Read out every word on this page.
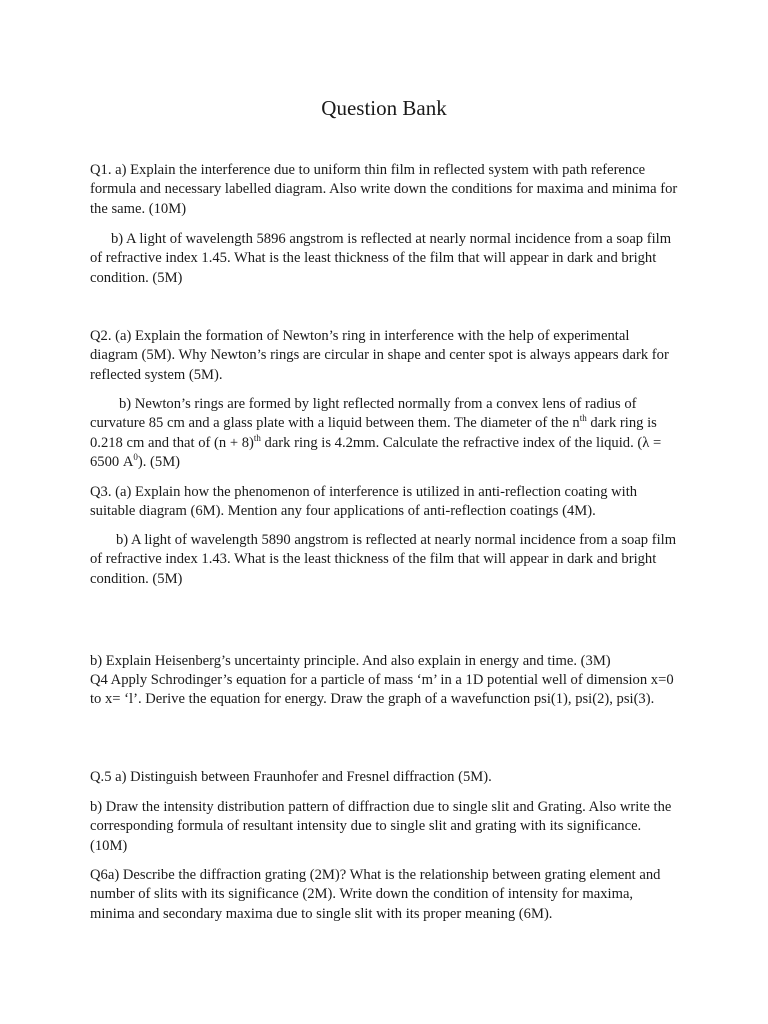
Question Bank

Q1. a) Explain the interference due to uniform thin film in reflected system with path reference formula and necessary labelled diagram. Also write down the conditions for maxima and minima for the same. (10M)

b) A light of wavelength 5896 angstrom is reflected at nearly normal incidence from a soap film of refractive index 1.45. What is the least thickness of the film that will appear in dark and bright condition. (5M)

Q2. (a) Explain the formation of Newton’s ring in interference with the help of experimental diagram (5M). Why Newton’s rings are circular in shape and center spot is always appears dark for reflected system (5M).

b) Newton’s rings are formed by light reflected normally from a convex lens of radius of curvature 85 cm and a glass plate with a liquid between them. The diameter of the $n^{th}$ dark ring is 0.218 cm and that of $(n + 8)^{th}$ dark ring is 4.2mm. Calculate the refractive index of the liquid. (λ = 6500 $A^0$). (5M)

Q3. (a) Explain how the phenomenon of interference is utilized in anti-reflection coating with suitable diagram (6M). Mention any four applications of anti-reflection coatings (4M).

b) A light of wavelength 5890 angstrom is reflected at nearly normal incidence from a soap film of refractive index 1.43. What is the least thickness of the film that will appear in dark and bright condition. (5M)

b) Explain Heisenberg’s uncertainty principle. And also explain in energy and time. (3M)

Q4 Apply Schrodinger’s equation for a particle of mass ‘m’ in a 1D potential well of dimension x=0 to x= ‘l’. Derive the equation for energy. Draw the graph of a wavefunction psi(1), psi(2), psi(3).

Q.5 a) Distinguish between Fraunhofer and Fresnel diffraction (5M).

b) Draw the intensity distribution pattern of diffraction due to single slit and Grating. Also write the corresponding formula of resultant intensity due to single slit and grating with its significance. (10M)

Q6a) Describe the diffraction grating (2M)? What is the relationship between grating element and number of slits with its significance (2M). Write down the condition of intensity for maxima, minima and secondary maxima due to single slit with its proper meaning (6M).
